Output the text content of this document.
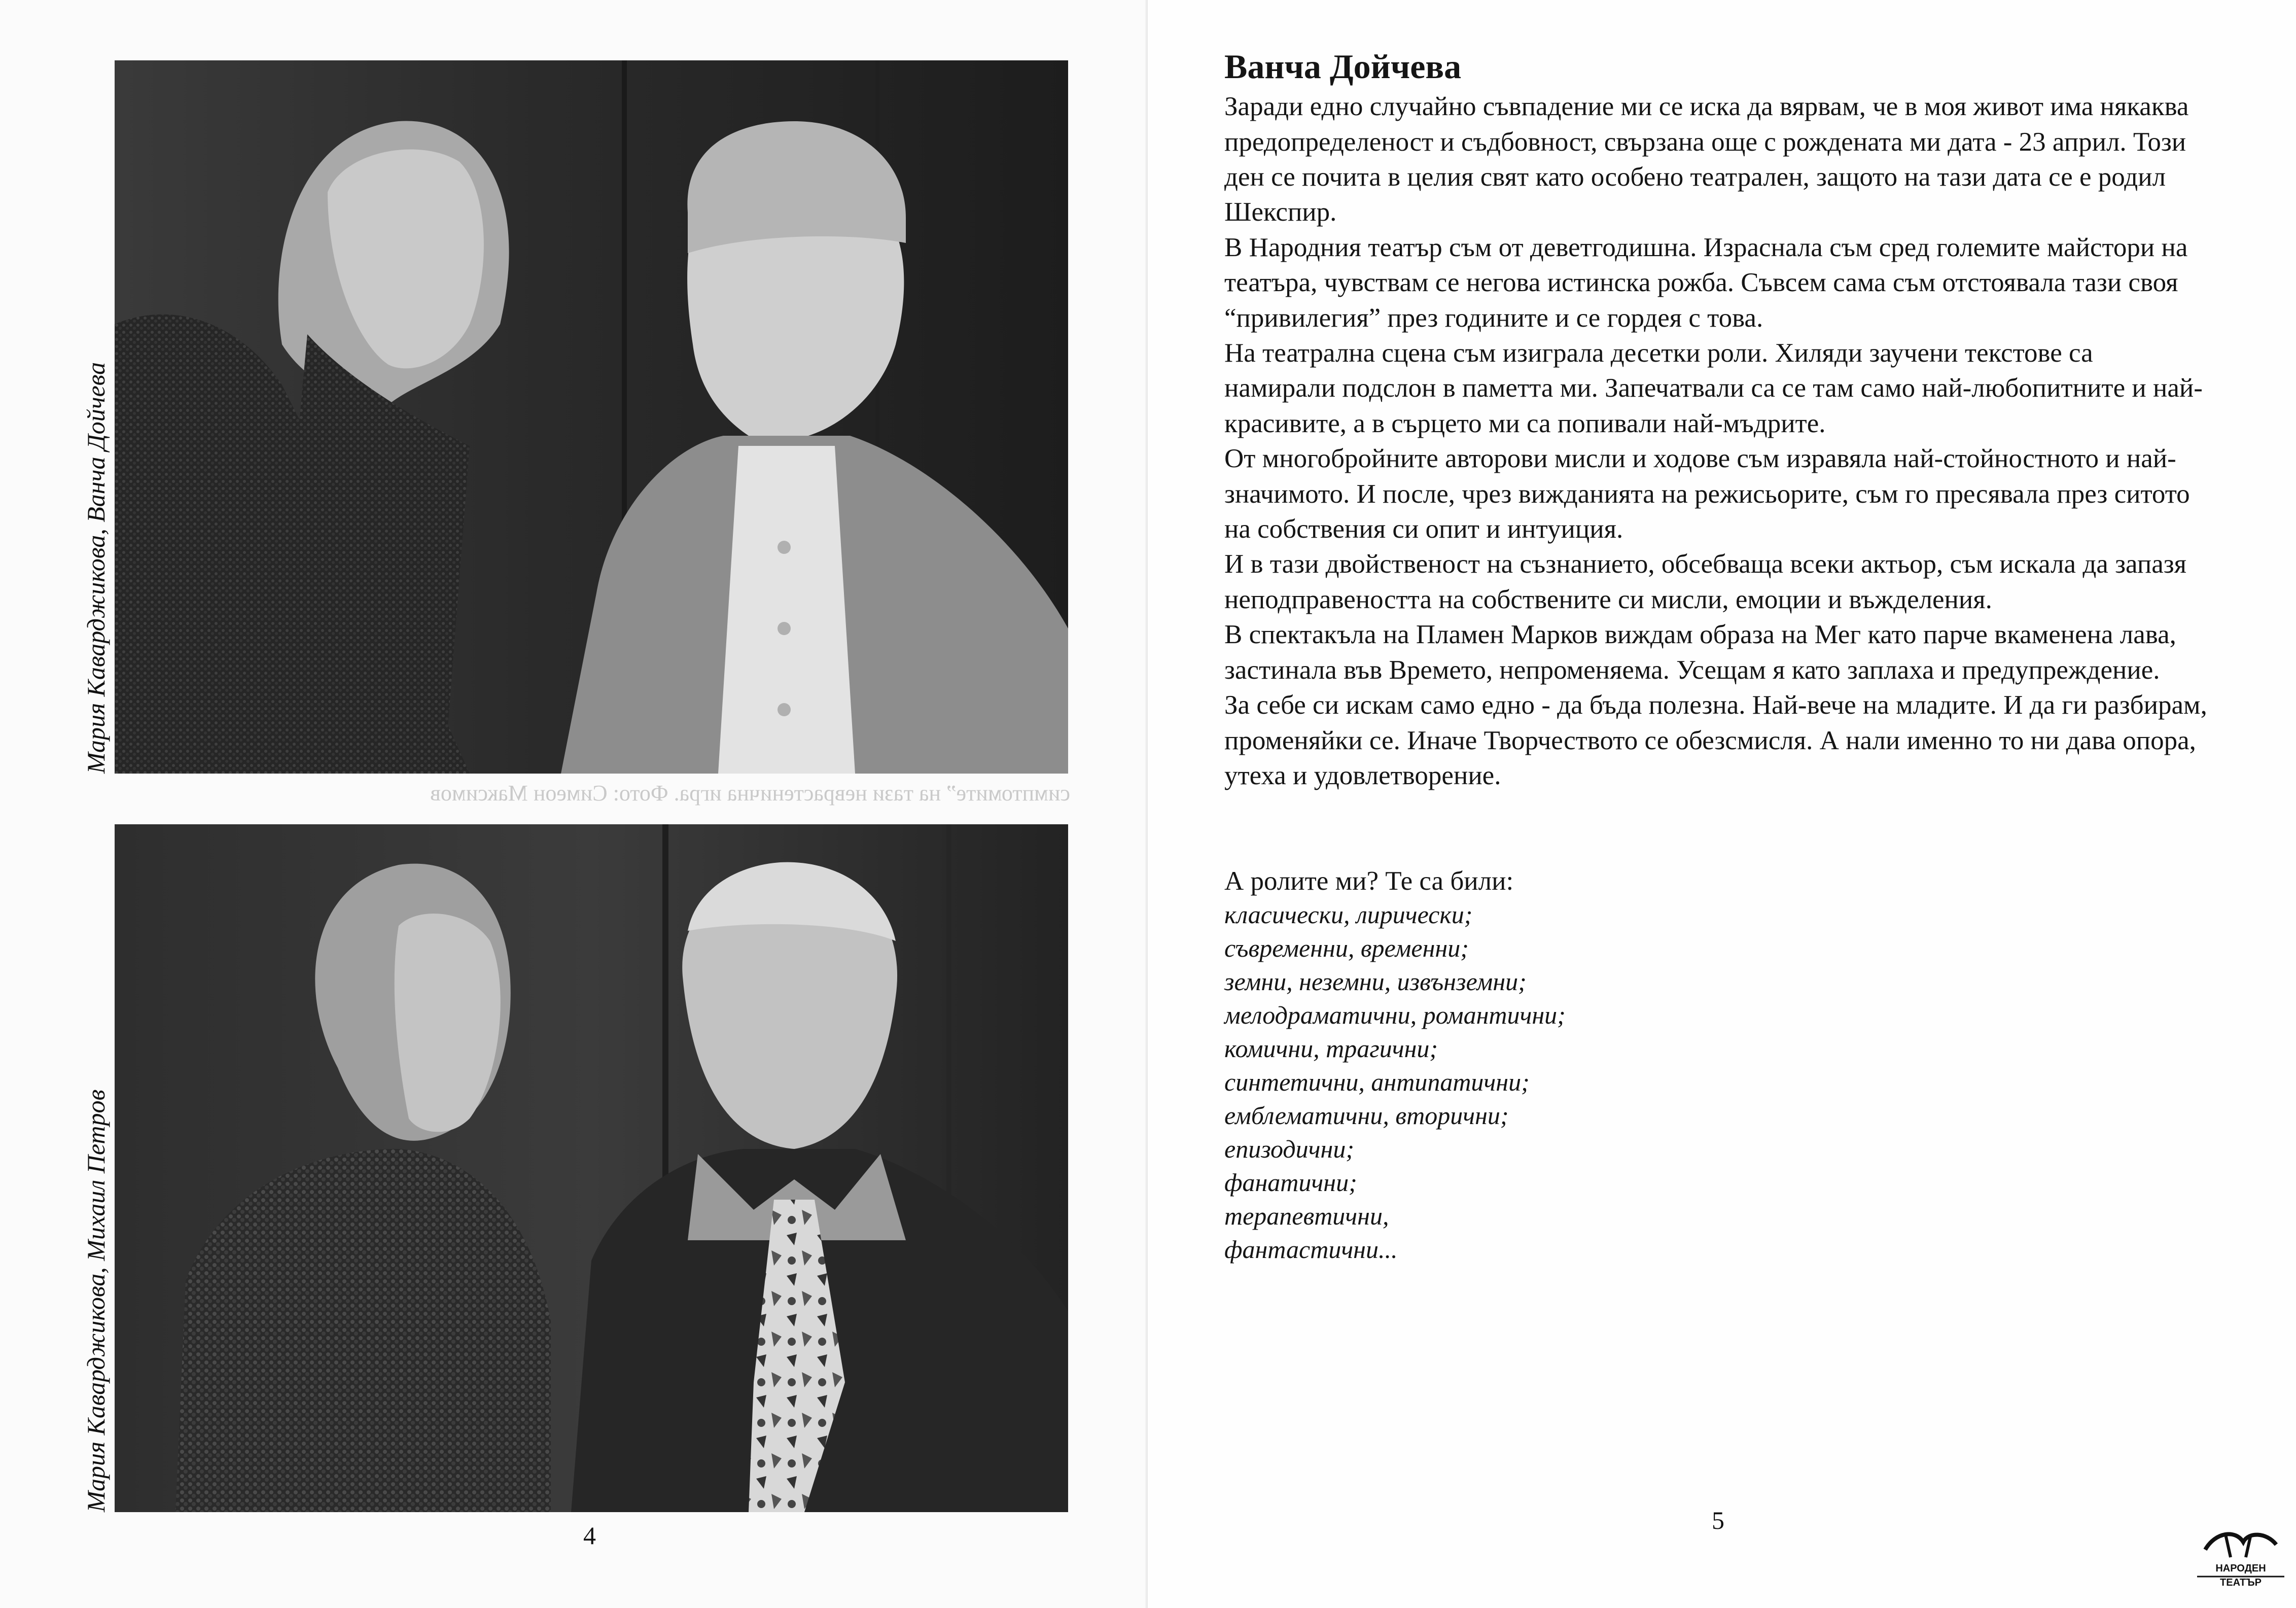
симптомите” на тази неврастенична игра. Фото: Симеон Максимов
Мария Каварджикова, Ванча Дойчева
Мария Каварджикова, Михаил Петров
4
Ванча Дойчева

Заради едно случайно съвпадение ми се иска да вярвам, че в моя живот има някаква предопределеност и съдбовност, свързана още с рождената ми дата - 23 април. Този ден се почита в целия свят като особено театрален, защото на тази дата се е родил Шекспир.

В Народния театър съм от деветгодишна. Израснала съм сред големите майстори на театъра, чувствам се негова истинска рожба. Съвсем сама съм отстоявала тази своя “привилегия” през годините и се гордея с това.

На театрална сцена съм изиграла десетки роли. Хиляди заучени текстове са намирали подслон в паметта ми. Запечатвали са се там само най-любопитните и най-красивите, а в сърцето ми са попивали най-мъдрите.

От многобройните авторови мисли и ходове съм изравяла най-стойностното и най-значимото. И после, чрез вижданията на режисьорите, съм го пресявала през ситото на собствения си опит и интуиция.

И в тази двойственост на съзнанието, обсебваща всеки актьор, съм искала да запазя неподправеността на собствените си мисли, емоции и въжделения.

В спектакъла на Пламен Марков виждам образа на Мег като парче вкаменена лава, застинала във Времето, непроменяема. Усещам я като заплаха и предупреждение.

За себе си искам само едно - да бъда полезна. Най-вече на младите. И да ги разбирам, променяйки се. Иначе Творчеството се обезсмисля. А нали именно то ни дава опора, утеха и удовлетворение.

А ролите ми? Те са били:
класически, лирически;
съвременни, временни;
земни, неземни, извънземни;
мелодраматични, романтични;
комични, трагични;
синтетични, антипатични;
емблематични, вторични;
епизодични;
фанатични;
терапевтични,
фантастични...
5
НАРОДЕН ТЕАТЪР
